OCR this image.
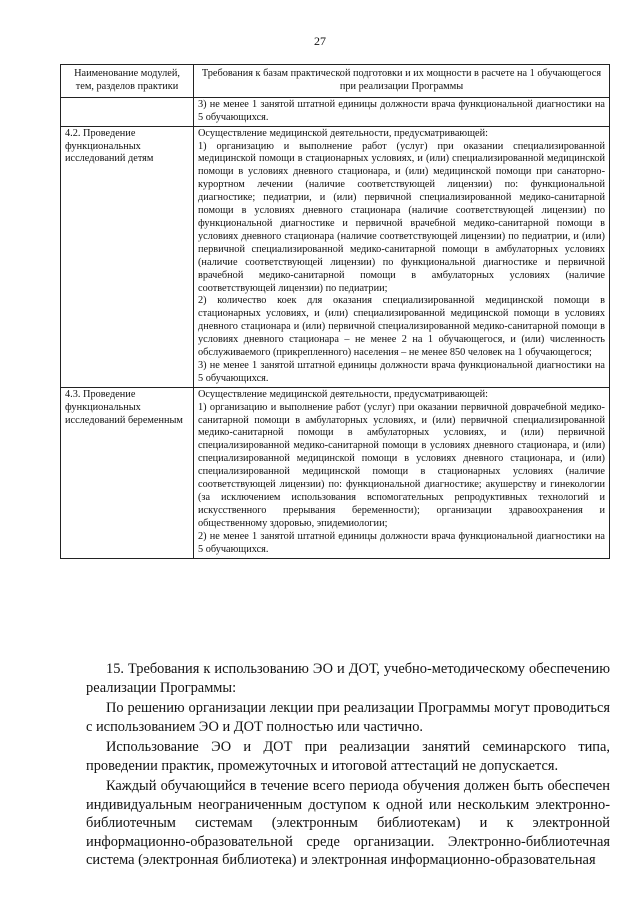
27
Наименование модулей, тем, разделов практики	Требования к базам практической подготовки и их мощности в расчете на 1 обучающегося при реализации Программы

	3) не менее 1 занятой штатной единицы должности врача функциональной диагностики на 5 обучающихся.

4.2. Проведение функциональных исследований детям	Осуществление медицинской деятельности, предусматривающей:

1) организацию и выполнение работ (услуг) при оказании специализированной медицинской помощи в стационарных условиях, и (или) специализированной медицинской помощи в условиях дневного стационара, и (или) медицинской помощи при санаторно-курортном лечении (наличие соответствующей лицензии) по: функциональной диагностике; педиатрии, и (или) первичной специализированной медико-санитарной помощи в условиях дневного стационара (наличие соответствующей лицензии) по функциональной диагностике и первичной врачебной медико-санитарной помощи в условиях дневного стационара (наличие соответствующей лицензии) по педиатрии, и (или) первичной специализированной медико-санитарной помощи в амбулаторных условиях (наличие соответствующей лицензии) по функциональной диагностике и первичной врачебной медико-санитарной помощи в амбулаторных условиях (наличие соответствующей лицензии) по педиатрии;

2) количество коек для оказания специализированной медицинской помощи в стационарных условиях, и (или) специализированной медицинской помощи в условиях дневного стационара и (или) первичной специализированной медико-санитарной помощи в условиях дневного стационара – не менее 2 на 1 обучающегося, и (или) численность обслуживаемого (прикрепленного) населения – не менее 850 человек на 1 обучающегося;

3) не менее 1 занятой штатной единицы должности врача функциональной диагностики на 5 обучающихся.

4.3. Проведение функциональных исследований беременным	Осуществление медицинской деятельности, предусматривающей:

1) организацию и выполнение работ (услуг) при оказании первичной доврачебной медико-санитарной помощи в амбулаторных условиях, и (или) первичной специализированной медико-санитарной помощи в амбулаторных условиях, и (или) первичной специализированной медико-санитарной помощи в условиях дневного стационара, и (или) специализированной медицинской помощи в условиях дневного стационара, и (или) специализированной медицинской помощи в стационарных условиях (наличие соответствующей лицензии) по: функциональной диагностике; акушерству и гинекологии (за исключением использования вспомогательных репродуктивных технологий и искусственного прерывания беременности); организации здравоохранения и общественному здоровью, эпидемиологии;

2) не менее 1 занятой штатной единицы должности врача функциональной диагностики на 5 обучающихся.

15. Требования к использованию ЭО и ДОТ, учебно-методическому обеспечению реализации Программы:

По решению организации лекции при реализации Программы могут проводиться с использованием ЭО и ДОТ полностью или частично.

Использование ЭО и ДОТ при реализации занятий семинарского типа, проведении практик, промежуточных и итоговой аттестаций не допускается.

Каждый обучающийся в течение всего периода обучения должен быть обеспечен индивидуальным неограниченным доступом к одной или нескольким электронно-библиотечным системам (электронным библиотекам) и к электронной информационно-образовательной среде организации. Электронно-библиотечная система (электронная библиотека) и электронная информационно-образовательная
